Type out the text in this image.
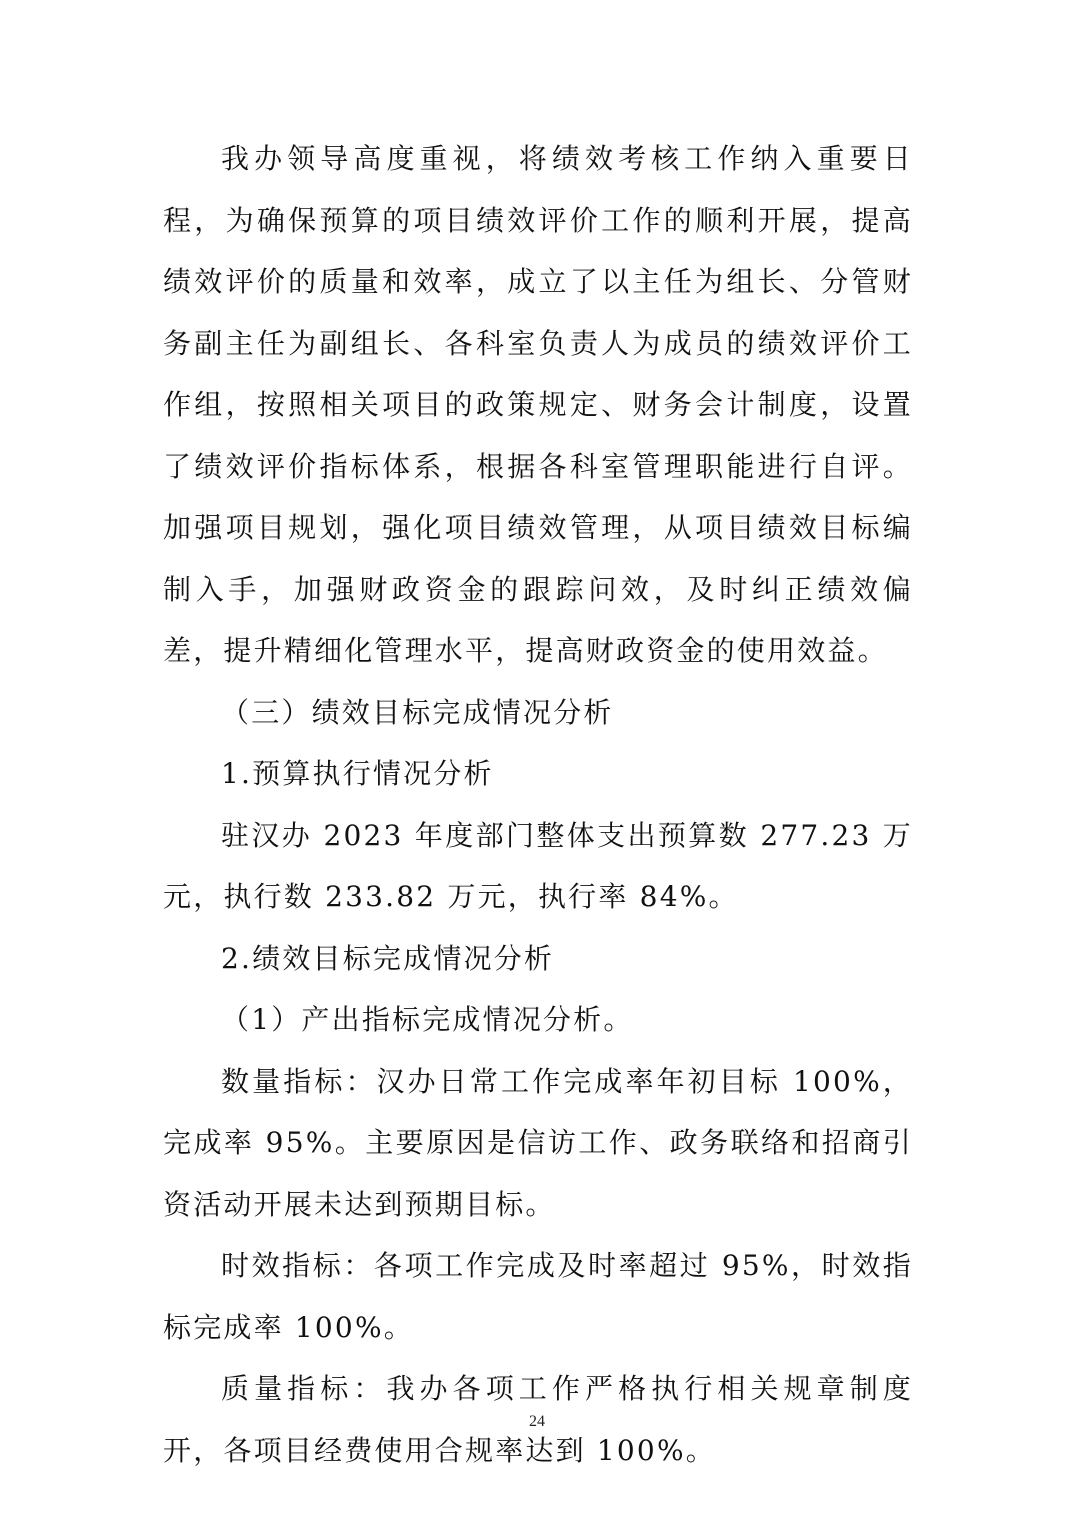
我办领导高度重视，将绩效考核工作纳入重要日程，为确保预算的项目绩效评价工作的顺利开展，提高绩效评价的质量和效率，成立了以主任为组长、分管财务副主任为副组长、各科室负责人为成员的绩效评价工作组，按照相关项目的政策规定、财务会计制度，设置了绩效评价指标体系，根据各科室管理职能进行自评。加强项目规划，强化项目绩效管理，从项目绩效目标编制入手，加强财政资金的跟踪问效，及时纠正绩效偏差，提升精细化管理水平，提高财政资金的使用效益。

（三）绩效目标完成情况分析

1.预算执行情况分析

驻汉办 2023 年度部门整体支出预算数 277.23 万元，执行数 233.82 万元，执行率 84%。

2.绩效目标完成情况分析

（1）产出指标完成情况分析。

数量指标：汉办日常工作完成率年初目标 100%，完成率 95%。主要原因是信访工作、政务联络和招商引资活动开展未达到预期目标。

时效指标：各项工作完成及时率超过 95%，时效指标完成率 100%。

质量指标：我办各项工作严格执行相关规章制度开，各项目经费使用合规率达到 100%。

24
